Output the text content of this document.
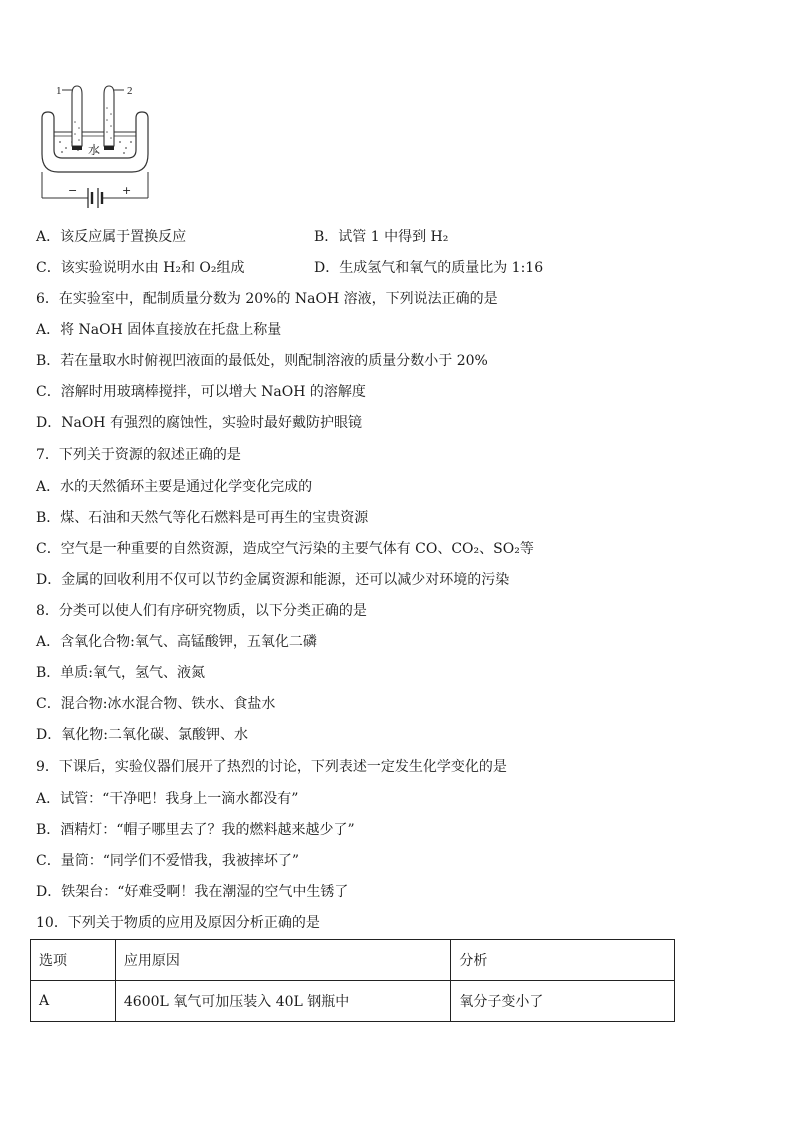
1	2
水
−	+
A．该反应属于置换反应	B．试管 1 中得到 H₂
C．该实验说明水由 H₂和 O₂组成	D．生成氢气和氧气的质量比为 1:16
6．在实验室中，配制质量分数为 20%的 NaOH 溶液，下列说法正确的是
A．将 NaOH 固体直接放在托盘上称量
B．若在量取水时俯视凹液面的最低处，则配制溶液的质量分数小于 20%
C．溶解时用玻璃棒搅拌，可以增大 NaOH 的溶解度
D．NaOH 有强烈的腐蚀性，实验时最好戴防护眼镜
7．下列关于资源的叙述正确的是
A．水的天然循环主要是通过化学变化完成的
B．煤、石油和天然气等化石燃料是可再生的宝贵资源
C．空气是一种重要的自然资源，造成空气污染的主要气体有 CO、CO₂、SO₂等
D．金属的回收利用不仅可以节约金属资源和能源，还可以减少对环境的污染
8．分类可以使人们有序研究物质，以下分类正确的是
A．含氧化合物:氧气、高锰酸钾，五氧化二磷
B．单质:氧气，氢气、液氮
C．混合物:冰水混合物、铁水、食盐水
D．氧化物:二氧化碳、氯酸钾、水
9．下课后，实验仪器们展开了热烈的讨论，下列表述一定发生化学变化的是
A．试管：“干净吧！我身上一滴水都没有”
B．酒精灯：“帽子哪里去了？我的燃料越来越少了”
C．量筒：“同学们不爱惜我，我被摔坏了”
D．铁架台：“好难受啊！我在潮湿的空气中生锈了
10．下列关于物质的应用及原因分析正确的是
选项	应用原因	分析
A	4600L 氧气可加压装入 40L 钢瓶中	氧分子变小了
